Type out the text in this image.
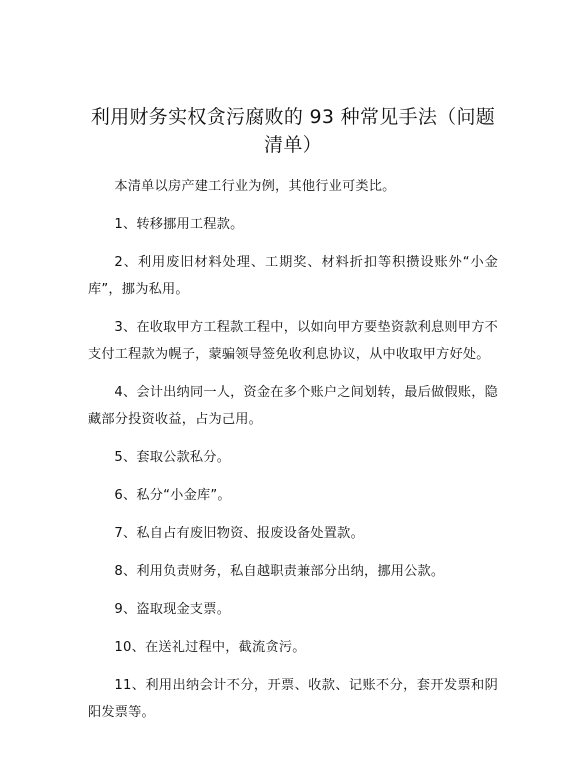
利用财务实权贪污腐败的 93 种常见手法（问题清单）

本清单以房产建工行业为例，其他行业可类比。

1、转移挪用工程款。

2、利用废旧材料处理、工期奖、材料折扣等积攒设账外“小金库”，挪为私用。

3、在收取甲方工程款工程中，以如向甲方要垫资款利息则甲方不支付工程款为幌子，蒙骗领导签免收利息协议，从中收取甲方好处。

4、会计出纳同一人，资金在多个账户之间划转，最后做假账，隐藏部分投资收益，占为己用。

5、套取公款私分。

6、私分“小金库”。

7、私自占有废旧物资、报废设备处置款。

8、利用负责财务，私自越职责兼部分出纳，挪用公款。

9、盗取现金支票。

10、在送礼过程中，截流贪污。

11、利用出纳会计不分，开票、收款、记账不分，套开发票和阴阳发票等。
